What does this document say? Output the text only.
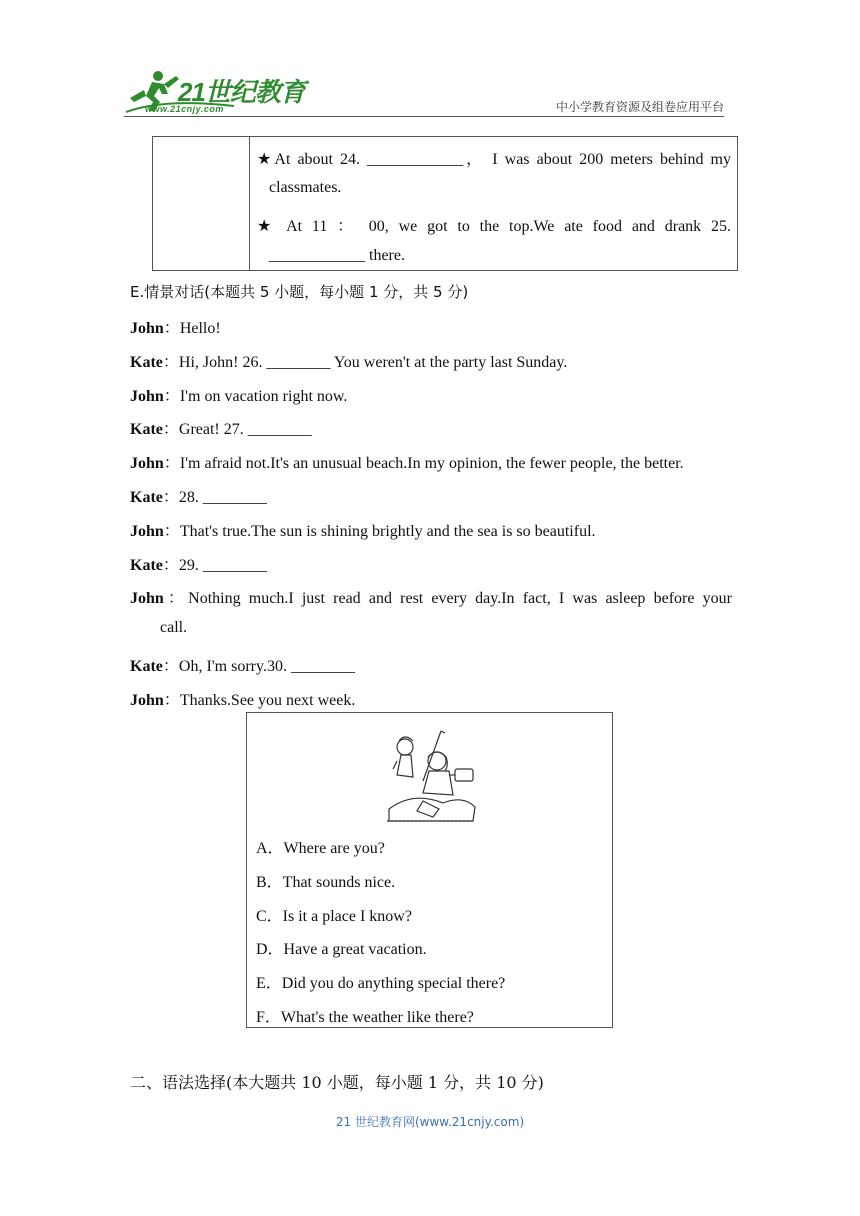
21世纪教育
www.21cnjy.com	中小学教育资源及组卷应用平台
★At about 24. ____________， I was about 200 meters behind my
classmates.
★ At 11 ： 00, we got to the top.We ate food and drank 25.
____________ there.
E.情景对话(本题共 5 小题，每小题 1 分，共 5 分)
John：Hello!
Kate：Hi, John! 26. ________ You weren't at the party last Sunday.
John：I'm on vacation right now.
Kate：Great! 27. ________
John：I'm afraid not.It's an unusual beach.In my opinion, the fewer people, the better.
Kate：28. ________
John：That's true.The sun is shining brightly and the sea is so beautiful.
Kate：29. ________
John：Nothing much.I just read and rest every day.In fact, I was asleep before your
call.
Kate：Oh, I'm sorry.30. ________
John：Thanks.See you next week.
A．Where are you?
B．That sounds nice.
C．Is it a place I know?
D．Have a great vacation.
E．Did you do anything special there?
F．What's the weather like there?
二、语法选择(本大题共 10 小题，每小题 1 分，共 10 分)
21 世纪教育网(www.21cnjy.com)
